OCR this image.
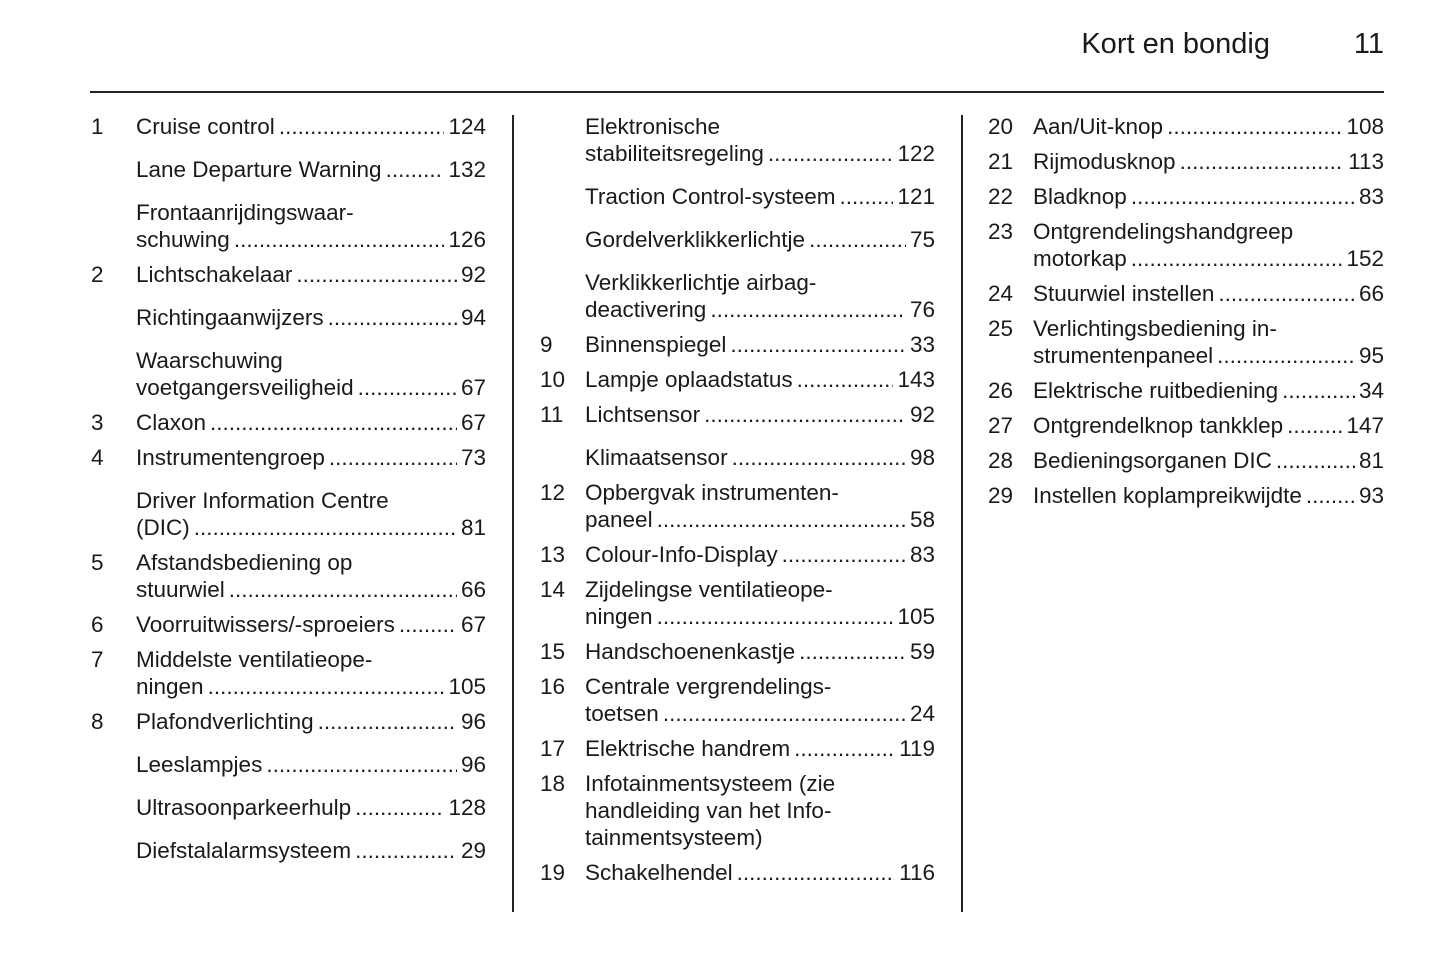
Kort en bondig	11
1	Cruise control .....	124
Lane Departure Warning .....	132
Frontaanrijdingswaar-
schuwing .....	126
2	Lichtschakelaar .....	92
Richtingaanwijzers .....	94
Waarschuwing
voetgangersveiligheid .....	67
3	Claxon .....	67
4	Instrumentengroep .....	73
Driver Information Centre
(DIC) .....	81
5	Afstandsbediening op
stuurwiel .....	66
6	Voorruitwissers/-sproeiers .....	67
7	Middelste ventilatieope-
ningen .....	105
8	Plafondverlichting .....	96
Leeslampjes .....	96
Ultrasoonparkeerhulp .....	128
Diefstalalarmsysteem .....	29
Elektronische
stabiliteitsregeling .....	122
Traction Control-systeem .....	121
Gordelverklikkerlichtje .....	75
Verklikkerlichtje airbag-
deactivering .....	76
9	Binnenspiegel .....	33
10 Lampje oplaadstatus .....	143
11 Lichtsensor .....	92
Klimaatsensor .....	98
12 Opbergvak instrumenten-
paneel .....	58
13 Colour-Info-Display .....	83
14 Zijdelingse ventilatieope-
ningen .....	105
15 Handschoenenkastje .....	59
16 Centrale vergrendelings-
toetsen .....	24
17 Elektrische handrem .....	119
18 Infotainmentsysteem (zie
handleiding van het Info-
tainmentsysteem)
19 Schakelhendel .....	116
20 Aan/Uit-knop .....	108
21 Rijmodusknop .....	113
22 Bladknop .....	83
23 Ontgrendelingshandgreep
motorkap .....	152
24 Stuurwiel instellen .....	66
25 Verlichtingsbediening in-
strumentenpaneel .....	95
26 Elektrische ruitbediening .....	34
27 Ontgrendelknop tankklep .....	147
28 Bedieningsorganen DIC .....	81
29 Instellen koplampreikwijdte .....	93
